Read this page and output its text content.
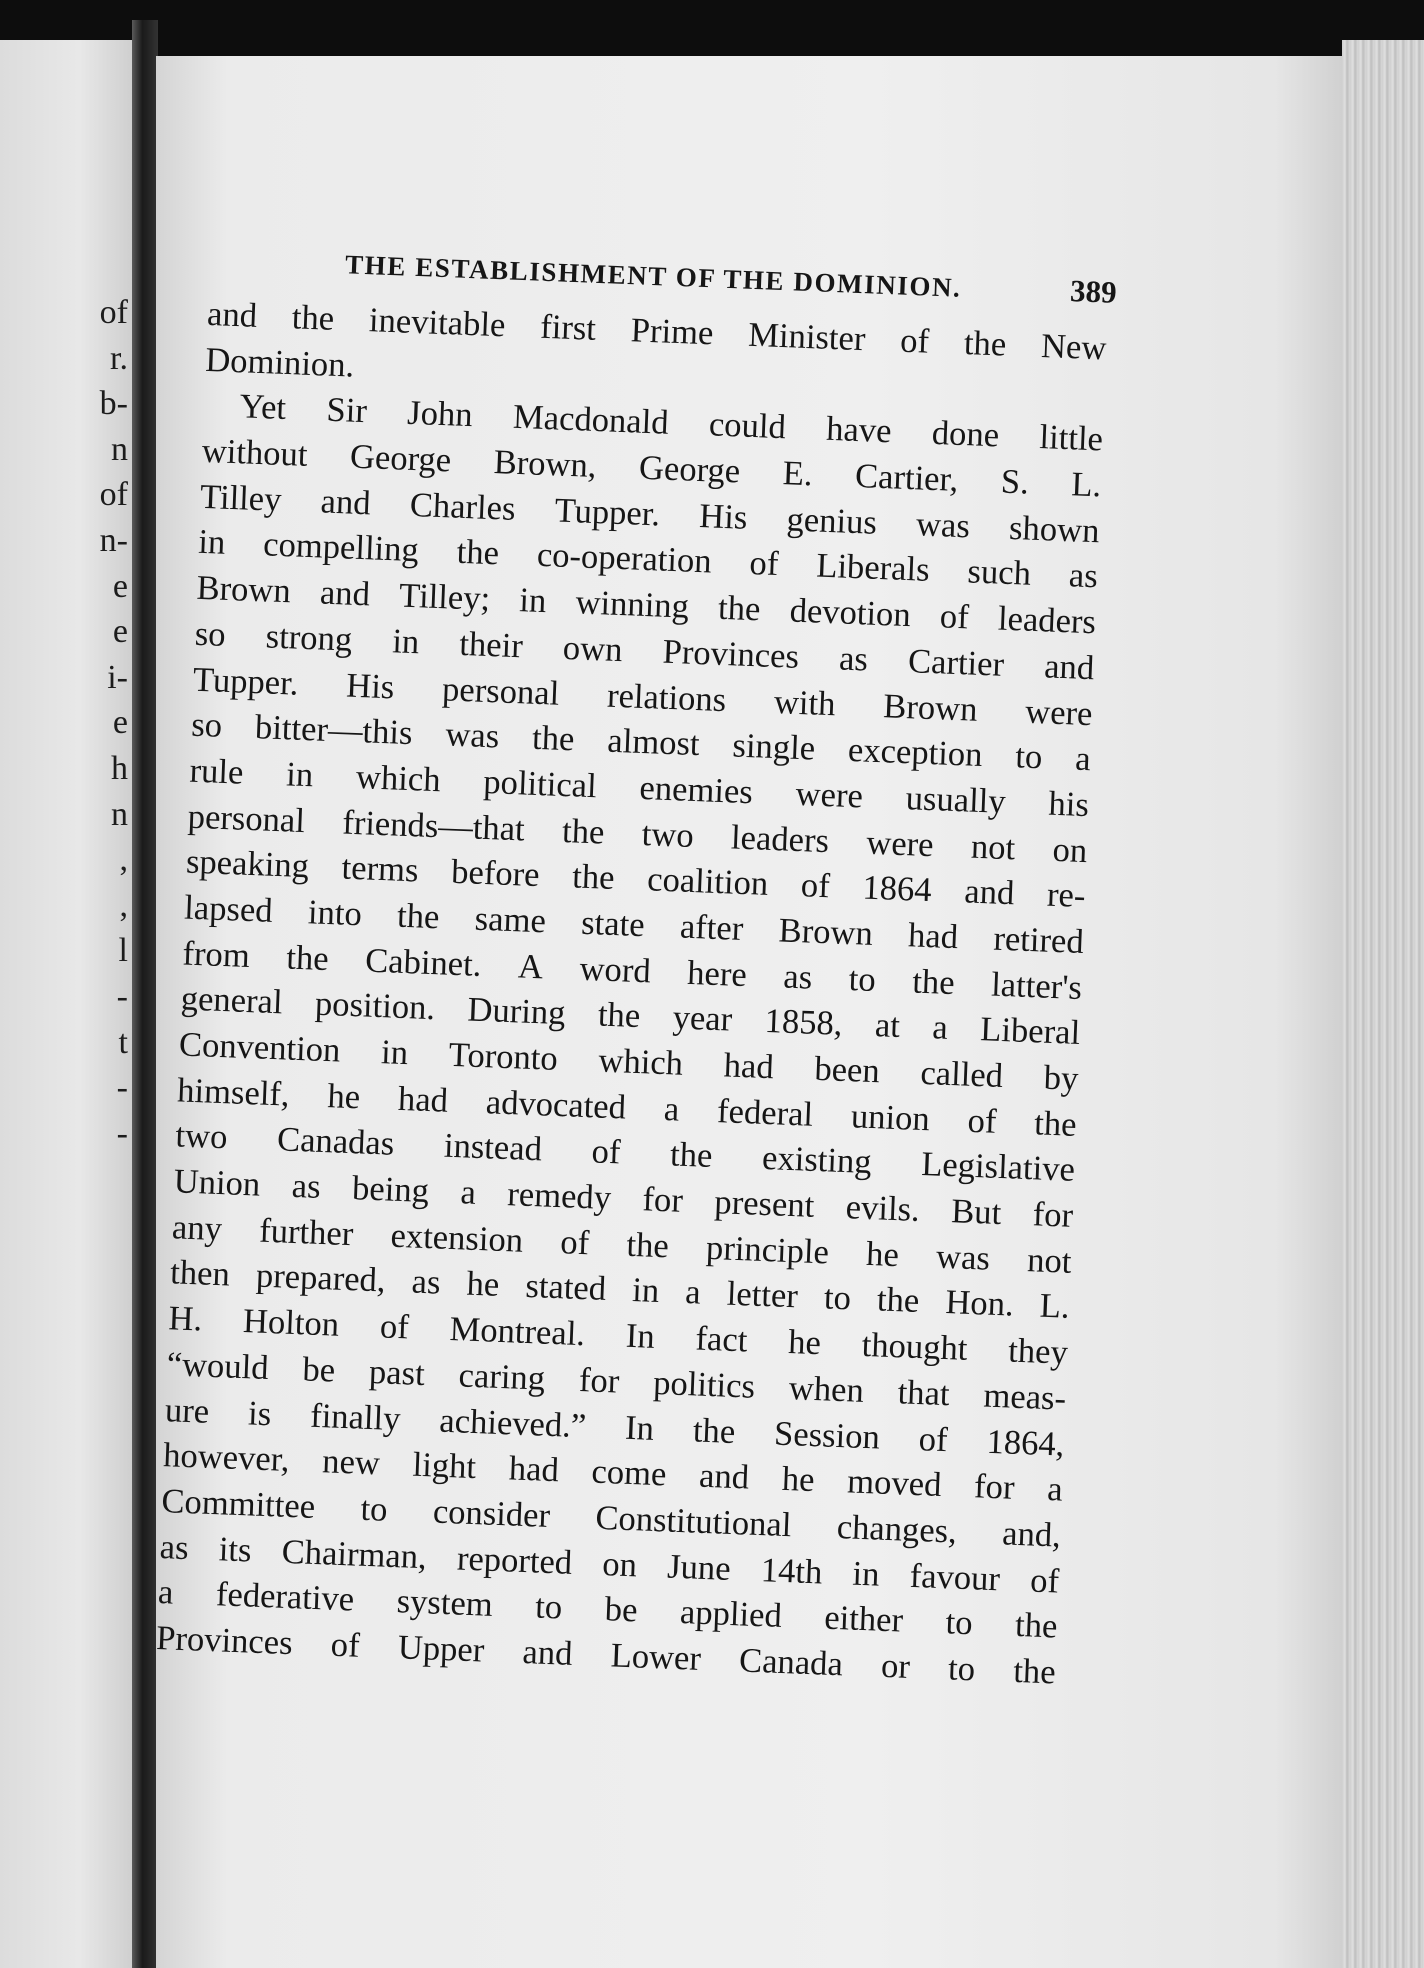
of
r.
b-
n
of
n-
e
e
i-
e
h
n
,
,
l
-
t
-
-
THE ESTABLISHMENT OF THE DOMINION.	389
and the inevitable first Prime Minister of the New
Dominion.
Yet Sir John Macdonald could have done little
without George Brown, George E. Cartier, S. L.
Tilley and Charles Tupper. His genius was shown
in compelling the co-operation of Liberals such as
Brown and Tilley; in winning the devotion of leaders
so strong in their own Provinces as Cartier and
Tupper. His personal relations with Brown were
so bitter—this was the almost single exception to a
rule in which political enemies were usually his
personal friends—that the two leaders were not on
speaking terms before the coalition of 1864 and re-
lapsed into the same state after Brown had retired
from the Cabinet. A word here as to the latter's
general position. During the year 1858, at a Liberal
Convention in Toronto which had been called by
himself, he had advocated a federal union of the
two Canadas instead of the existing Legislative
Union as being a remedy for present evils. But for
any further extension of the principle he was not
then prepared, as he stated in a letter to the Hon. L.
H. Holton of Montreal. In fact he thought they
“would be past caring for politics when that meas-
ure is finally achieved.” In the Session of 1864,
however, new light had come and he moved for a
Committee to consider Constitutional changes, and,
as its Chairman, reported on June 14th in favour of
a federative system to be applied either to the
Provinces of Upper and Lower Canada or to the
